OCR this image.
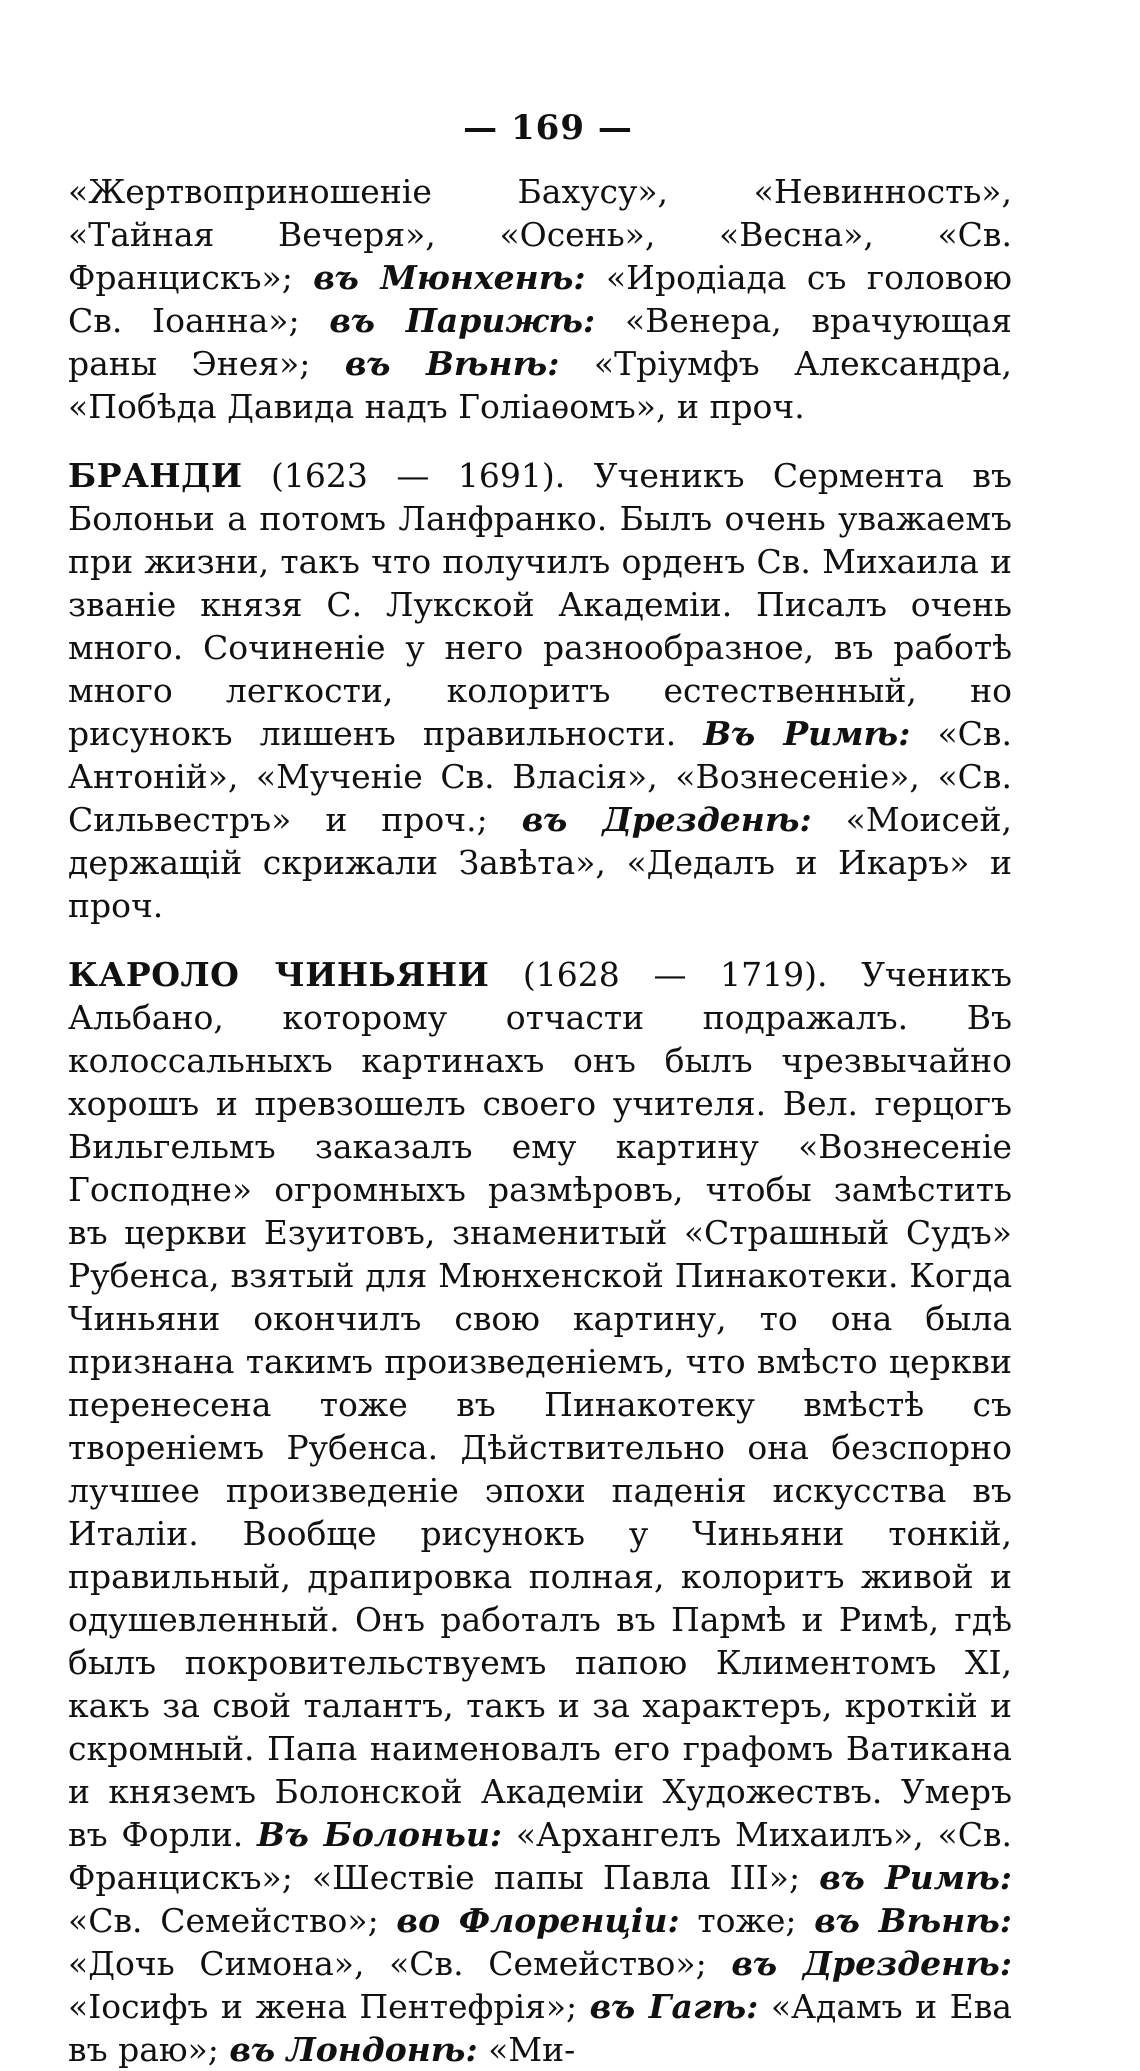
— 169 —

«Жертвоприношеніе Бахусу», «Невинность», «Тайная Вечеря», «Осень», «Весна», «Св. Францискъ»; въ Мюнхенѣ: «Иродіада съ головою Св. Іоанна»; въ Парижѣ: «Венера, врачующая раны Энея»; въ Вѣнѣ: «Тріумфъ Александра, «Побѣда Давида надъ Голіаѳомъ», и проч.

БРАНДИ (1623 — 1691). Ученикъ Сермента въ Болоньи а потомъ Ланфранко. Былъ очень уважаемъ при жизни, такъ что получилъ орденъ Св. Михаила и званіе князя С. Лукской Академіи. Писалъ очень много. Сочиненіе у него разнообразное, въ работѣ много легкости, колоритъ естественный, но рисунокъ лишенъ правильности. Въ Римѣ: «Св. Антоній», «Мученіе Св. Власія», «Вознесеніе», «Св. Сильвестръ» и проч.; въ Дрезденѣ: «Моисей, держащій скрижали Завѣта», «Дедалъ и Икаръ» и проч.

КАРОЛО ЧИНЬЯНИ (1628 — 1719). Ученикъ Альбано, которому отчасти подражалъ. Въ колоссальныхъ картинахъ онъ былъ чрезвычайно хорошъ и превзошелъ своего учителя. Вел. герцогъ Вильгельмъ заказалъ ему картину «Вознесеніе Господне» огромныхъ размѣровъ, чтобы замѣстить въ церкви Езуитовъ, знаменитый «Страшный Судъ» Рубенса, взятый для Мюнхенской Пинакотеки. Когда Чиньяни окончилъ свою картину, то она была признана такимъ произведеніемъ, что вмѣсто церкви перенесена тоже въ Пинакотеку вмѣстѣ съ твореніемъ Рубенса. Дѣйствительно она безспорно лучшее произведеніе эпохи паденія искусства въ Италіи. Вообще рисунокъ у Чиньяни тонкій, правильный, драпировка полная, колоритъ живой и одушевленный. Онъ работалъ въ Пармѣ и Римѣ, гдѣ былъ покровительствуемъ папою Климентомъ XI, какъ за свой талантъ, такъ и за характеръ, кроткій и скромный. Папа наименовалъ его графомъ Ватикана и княземъ Болонской Академіи Художествъ. Умеръ въ Форли. Въ Болоньи: «Архангелъ Михаилъ», «Св. Францискъ»; «Шествіе папы Павла III»; въ Римѣ: «Св. Семейство»; во Флоренціи: тоже; въ Вѣнѣ: «Дочь Симона», «Св. Семейство»; въ Дрезденѣ: «Іосифъ и жена Пентефрія»; въ Гагѣ: «Адамъ и Ева въ раю»; въ Лондонѣ: «Ми-
